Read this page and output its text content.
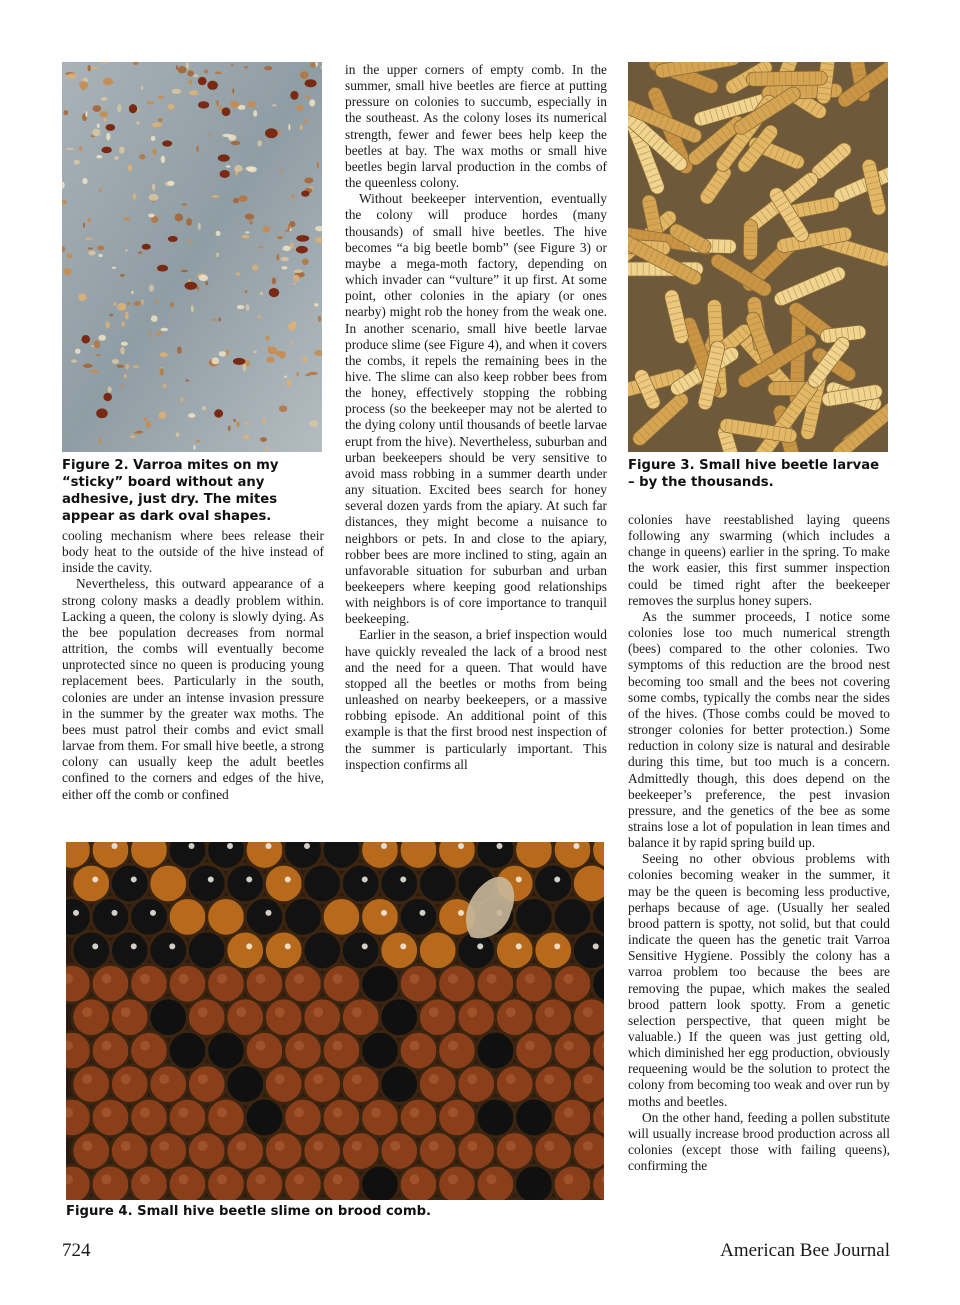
Figure 2. Varroa mites on my “sticky” board without any adhesive, just dry. The mites appear as dark oval shapes.
Figure 3. Small hive beetle larvae – by the thousands.

cooling mechanism where bees release their body heat to the outside of the hive instead of inside the cavity.

Nevertheless, this outward appearance of a strong colony masks a deadly problem within. Lacking a queen, the colony is slowly dying. As the bee population decreases from normal attrition, the combs will eventually become unprotected since no queen is producing young replacement bees. Particularly in the south, colonies are under an intense invasion pressure in the summer by the greater wax moths. The bees must patrol their combs and evict small larvae from them. For small hive beetle, a strong colony can usually keep the adult beetles confined to the corners and edges of the hive, either off the comb or confined

in the upper corners of empty comb. In the summer, small hive beetles are fierce at putting pressure on colonies to succumb, especially in the southeast. As the colony loses its numerical strength, fewer and fewer bees help keep the beetles at bay. The wax moths or small hive beetles begin larval production in the combs of the queenless colony.

Without beekeeper intervention, eventually the colony will produce hordes (many thousands) of small hive beetles. The hive becomes “a big beetle bomb” (see Figure 3) or maybe a mega-moth factory, depending on which invader can “vulture” it up first. At some point, other colonies in the apiary (or ones nearby) might rob the honey from the weak one. In another scenario, small hive beetle larvae produce slime (see Figure 4), and when it covers the combs, it repels the remaining bees in the hive. The slime can also keep robber bees from the honey, effectively stopping the robbing process (so the beekeeper may not be alerted to the dying colony until thousands of beetle larvae erupt from the hive). Nevertheless, suburban and urban beekeepers should be very sensitive to avoid mass robbing in a summer dearth under any situation. Excited bees search for honey several dozen yards from the apiary. At such far distances, they might become a nuisance to neighbors or pets. In and close to the apiary, robber bees are more inclined to sting, again an unfavorable situation for suburban and urban beekeepers where keeping good relationships with neighbors is of core importance to tranquil beekeeping.

Earlier in the season, a brief inspection would have quickly revealed the lack of a brood nest and the need for a queen. That would have stopped all the beetles or moths from being unleashed on nearby beekeepers, or a massive robbing episode. An additional point of this example is that the first brood nest inspection of the summer is particularly important. This inspection confirms all

Figure 4. Small hive beetle slime on brood comb.

colonies have reestablished laying queens following any swarming (which includes a change in queens) earlier in the spring. To make the work easier, this first summer inspection could be timed right after the beekeeper removes the surplus honey supers.

As the summer proceeds, I notice some colonies lose too much numerical strength (bees) compared to the other colonies. Two symptoms of this reduction are the brood nest becoming too small and the bees not covering some combs, typically the combs near the sides of the hives. (Those combs could be moved to stronger colonies for better protection.) Some reduction in colony size is natural and desirable during this time, but too much is a concern. Admittedly though, this does depend on the beekeeper’s preference, the pest invasion pressure, and the genetics of the bee as some strains lose a lot of population in lean times and balance it by rapid spring build up.

Seeing no other obvious problems with colonies becoming weaker in the summer, it may be the queen is becoming less productive, perhaps because of age. (Usually her sealed brood pattern is spotty, not solid, but that could indicate the queen has the genetic trait Varroa Sensitive Hygiene. Possibly the colony has a varroa problem too because the bees are removing the pupae, which makes the sealed brood pattern look spotty. From a genetic selection perspective, that queen might be valuable.) If the queen was just getting old, which diminished her egg production, obviously requeening would be the solution to protect the colony from becoming too weak and over run by moths and beetles.

On the other hand, feeding a pollen substitute will usually increase brood production across all colonies (except those with failing queens), confirming the

724	American Bee Journal
